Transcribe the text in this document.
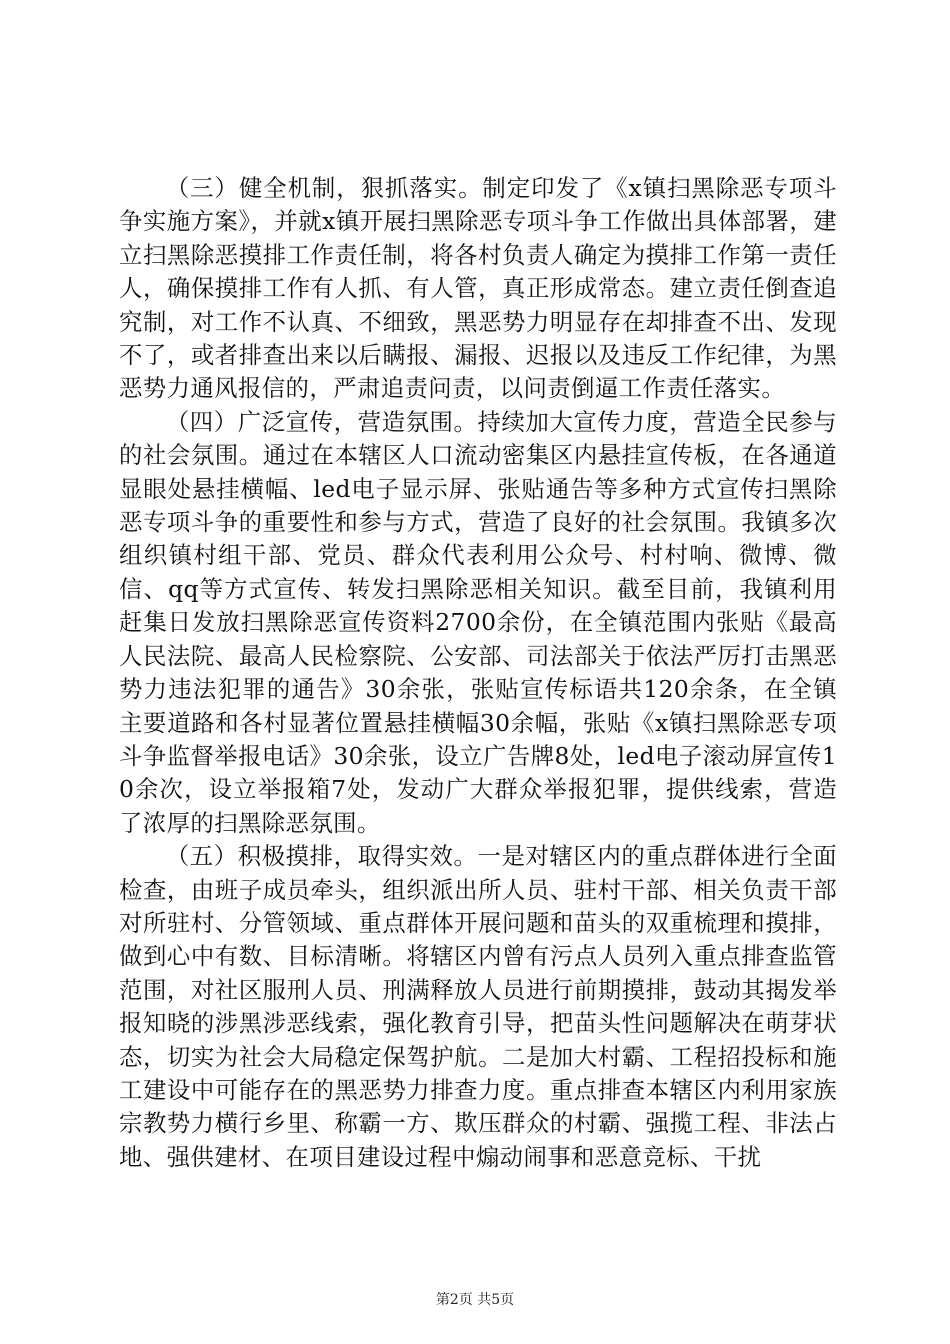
（三）健全机制，狠抓落实。制定印发了《x镇扫黑除恶专项斗争实施方案》，并就x镇开展扫黑除恶专项斗争工作做出具体部署，建立扫黑除恶摸排工作责任制，将各村负责人确定为摸排工作第一责任人，确保摸排工作有人抓、有人管，真正形成常态。建立责任倒查追究制，对工作不认真、不细致，黑恶势力明显存在却排查不出、发现不了，或者排查出来以后瞒报、漏报、迟报以及违反工作纪律，为黑恶势力通风报信的，严肃追责问责，以问责倒逼工作责任落实。

（四）广泛宣传，营造氛围。持续加大宣传力度，营造全民参与的社会氛围。通过在本辖区人口流动密集区内悬挂宣传板，在各通道显眼处悬挂横幅、led电子显示屏、张贴通告等多种方式宣传扫黑除恶专项斗争的重要性和参与方式，营造了良好的社会氛围。我镇多次组织镇村组干部、党员、群众代表利用公众号、村村响、微博、微信、qq等方式宣传、转发扫黑除恶相关知识。截至目前，我镇利用赶集日发放扫黑除恶宣传资料2700余份，在全镇范围内张贴《最高人民法院、最高人民检察院、公安部、司法部关于依法严厉打击黑恶势力违法犯罪的通告》30余张，张贴宣传标语共120余条，在全镇主要道路和各村显著位置悬挂横幅30余幅，张贴《x镇扫黑除恶专项斗争监督举报电话》30余张，设立广告牌8处，led电子滚动屏宣传10余次，设立举报箱7处，发动广大群众举报犯罪，提供线索，营造了浓厚的扫黑除恶氛围。

（五）积极摸排，取得实效。一是对辖区内的重点群体进行全面检查，由班子成员牵头，组织派出所人员、驻村干部、相关负责干部对所驻村、分管领域、重点群体开展问题和苗头的双重梳理和摸排，做到心中有数、目标清晰。将辖区内曾有污点人员列入重点排查监管范围，对社区服刑人员、刑满释放人员进行前期摸排，鼓动其揭发举报知晓的涉黑涉恶线索，强化教育引导，把苗头性问题解决在萌芽状态，切实为社会大局稳定保驾护航。二是加大村霸、工程招投标和施工建设中可能存在的黑恶势力排查力度。重点排查本辖区内利用家族宗教势力横行乡里、称霸一方、欺压群众的村霸、强揽工程、非法占地、强供建材、在项目建设过程中煽动闹事和恶意竞标、干扰

第2页 共5页
